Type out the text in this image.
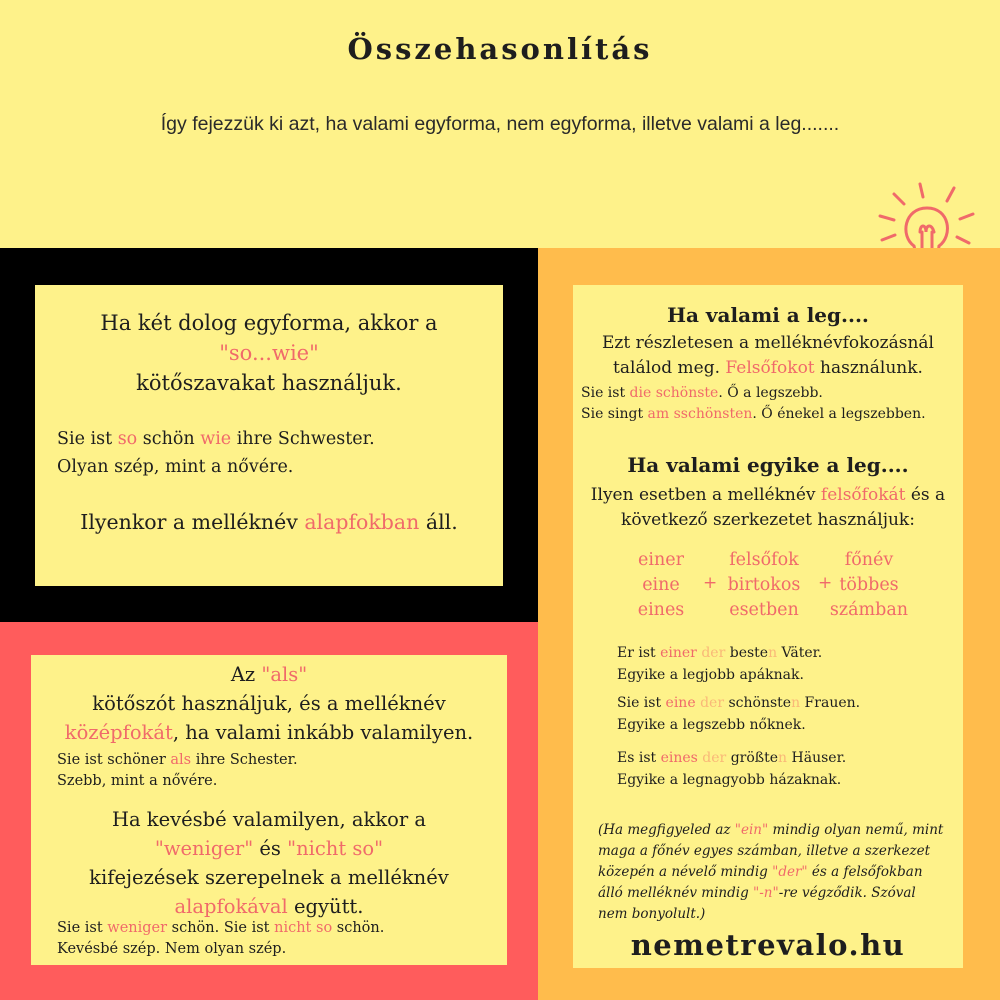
Összehasonlítás
Így fejezzük ki azt, ha valami egyforma, nem egyforma, illetve valami a leg.......
Ha két dolog egyforma, akkor a
"so...wie"
kötőszavakat használjuk.
Sie ist so schön wie ihre Schwester.
Olyan szép, mint a nővére.
Ilyenkor a melléknév alapfokban áll.
Az "als"
kötőszót használjuk, és a melléknév
középfokát, ha valami inkább valamilyen.
Sie ist schöner als ihre Schester.
Szebb, mint a nővére.
Ha kevésbé valamilyen, akkor a
"weniger" és "nicht so"
kifejezések szerepelnek a melléknév
alapfokával együtt.
Sie ist weniger schön. Sie ist nicht so schön.
Kevésbé szép. Nem olyan szép.
Ha valami a leg....
Ezt részletesen a melléknévfokozásnál
találod meg. Felsőfokot használunk.
Sie ist die schönste. Ő a legszebb.
Sie singt am sschönsten. Ő énekel a legszebben.
Ha valami egyike a leg....
Ilyen esetben a melléknév felsőfokát és a
következő szerkezetet használjuk:
einer
eine
eines
+
felsőfok
birtokos
esetben
+
főnév
többes
számban
Er ist einer der besten Väter.
Egyike a legjobb apáknak.
Sie ist eine der schönsten Frauen.
Egyike a legszebb nőknek.
Es ist eines der größten Häuser.
Egyike a legnagyobb házaknak.
(Ha megfigyeled az "ein" mindig olyan nemű, mint maga a főnév egyes számban, illetve a szerkezet közepén a névelő mindig "der" és a felsőfokban álló melléknév mindig "-n"-re végződik. Szóval nem bonyolult.)
nemetrevalo.hu
